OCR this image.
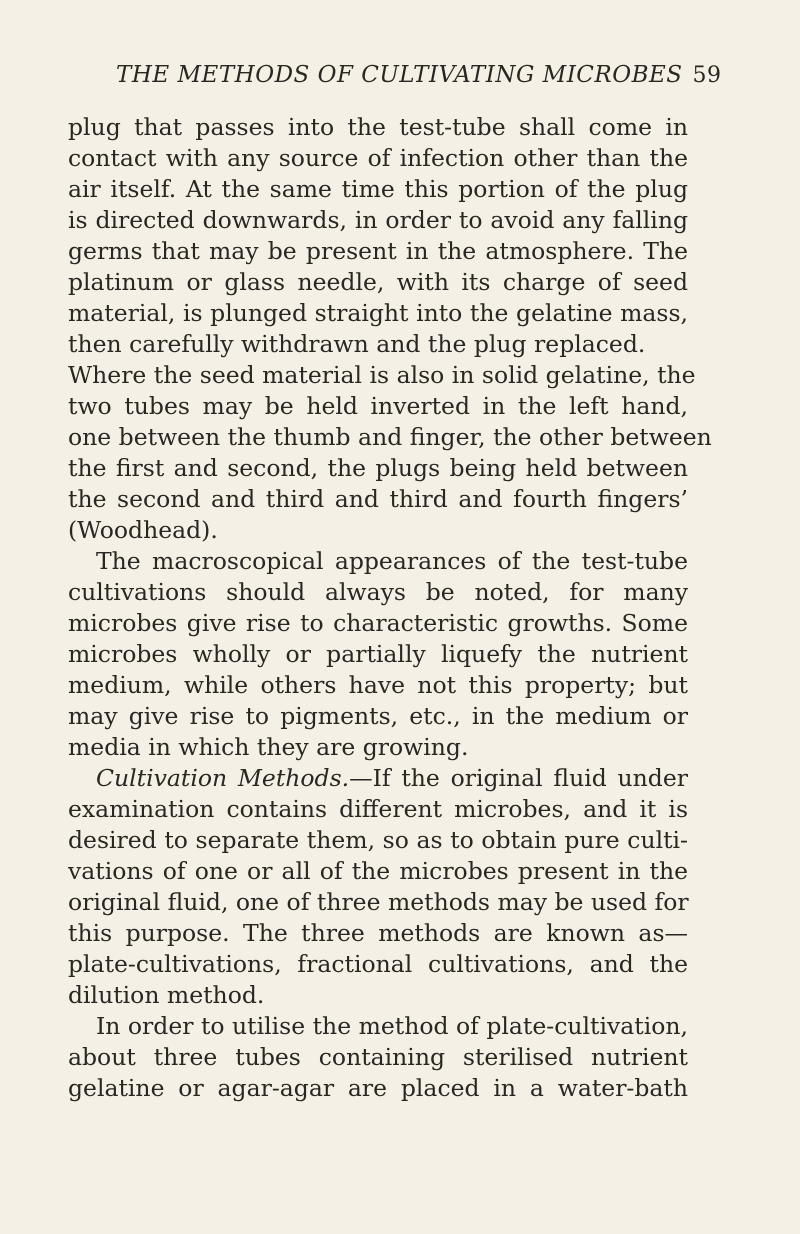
THE METHODS OF CULTIVATING MICROBES 59
plug that passes into the test-tube shall come in
contact with any source of infection other than the
air itself. At the same time this portion of the plug
is directed downwards, in order to avoid any falling
germs that may be present in the atmosphere. The
platinum or glass needle, with its charge of seed
material, is plunged straight into the gelatine mass,
then carefully withdrawn and the plug replaced.
Where the seed material is also in solid gelatine, the
two tubes may be held inverted in the left hand,
one between the thumb and finger, the other between
the first and second, the plugs being held between
the second and third and third and fourth fingers’
(Woodhead).
The macroscopical appearances of the test-tube
cultivations should always be noted, for many
microbes give rise to characteristic growths. Some
microbes wholly or partially liquefy the nutrient
medium, while others have not this property; but
may give rise to pigments, etc., in the medium or
media in which they are growing.
Cultivation Methods.—If the original fluid under
examination contains different microbes, and it is
desired to separate them, so as to obtain pure culti-
vations of one or all of the microbes present in the
original fluid, one of three methods may be used for
this purpose. The three methods are known as—
plate-cultivations, fractional cultivations, and the
dilution method.
In order to utilise the method of plate-cultivation,
about three tubes containing sterilised nutrient
gelatine or agar-agar are placed in a water-bath
